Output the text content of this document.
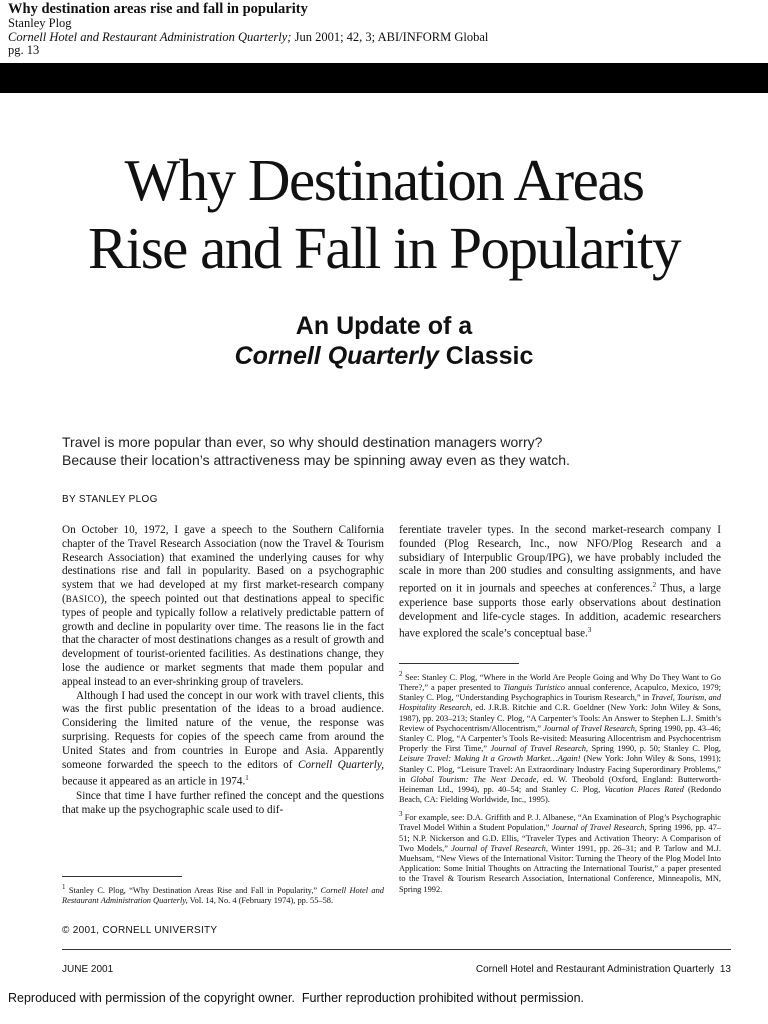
Why destination areas rise and fall in popularity
Stanley Plog
Cornell Hotel and Restaurant Administration Quarterly; Jun 2001; 42, 3; ABI/INFORM Global
pg. 13
Why Destination Areas
Rise and Fall in Popularity
An Update of a
Cornell Quarterly Classic
Travel is more popular than ever, so why should destination managers worry?
Because their location’s attractiveness may be spinning away even as they watch.
BY STANLEY PLOG

On October 10, 1972, I gave a speech to the Southern California chapter of the Travel Research Association (now the Travel & Tourism Research Association) that examined the underlying causes for why destinations rise and fall in popularity. Based on a psychographic system that we had developed at my first market-research company (BASICO), the speech pointed out that destinations appeal to specific types of people and typically follow a relatively predictable pattern of growth and decline in popularity over time. The reasons lie in the fact that the character of most destinations changes as a result of growth and development of tourist-oriented facilities. As destinations change, they lose the audience or market segments that made them popular and appeal instead to an ever-shrinking group of travelers.

Although I had used the concept in our work with travel clients, this was the first public presentation of the ideas to a broad audience. Considering the limited nature of the venue, the response was surprising. Requests for copies of the speech came from around the United States and from countries in Europe and Asia. Apparently someone forwarded the speech to the editors of Cornell Quarterly, because it appeared as an article in 1974.$^1$

Since that time I have further refined the concept and the questions that make up the psychographic scale used to dif-

ferentiate traveler types. In the second market-research company I founded (Plog Research, Inc., now NFO/Plog Research and a subsidiary of Interpublic Group/IPG), we have probably included the scale in more than 200 studies and consulting assignments, and have reported on it in journals and speeches at conferences.$^2$ Thus, a large experience base supports those early observations about destination development and life-cycle stages. In addition, academic researchers have explored the scale’s conceptual base.$^3$

$^1$ Stanley C. Plog, “Why Destination Areas Rise and Fall in Popularity,” Cornell Hotel and Restaurant Administration Quarterly, Vol. 14, No. 4 (February 1974), pp. 55–58.
© 2001, CORNELL UNIVERSITY
$^2$ See: Stanley C. Plog, “Where in the World Are People Going and Why Do They Want to Go There?,” a paper presented to Tianguis Turistico annual conference, Acapulco, Mexico, 1979; Stanley C. Plog, “Understanding Psychographics in Tourism Research,” in Travel, Tourism, and Hospitality Research, ed. J.R.B. Ritchie and C.R. Goeldner (New York: John Wiley & Sons, 1987), pp. 203–213; Stanley C. Plog, “A Carpenter’s Tools: An Answer to Stephen L.J. Smith’s Review of Psychocentrism/Allocentrism,” Journal of Travel Research, Spring 1990, pp. 43–46; Stanley C. Plog, “A Carpenter’s Tools Re-visited: Measuring Allocentrism and Psychocentrism Properly the First Time,” Journal of Travel Research, Spring 1990, p. 50; Stanley C. Plog, Leisure Travel: Making It a Growth Market…Again! (New York: John Wiley & Sons, 1991); Stanley C. Plog, “Leisure Travel: An Extraordinary Industry Facing Superordinary Problems,” in Global Tourism: The Next Decade, ed. W. Theobold (Oxford, England: Butterworth-Heineman Ltd., 1994), pp. 40–54; and Stanley C. Plog, Vacation Places Rated (Redondo Beach, CA: Fielding Worldwide, Inc., 1995).
$^3$ For example, see: D.A. Griffith and P. J. Albanese, “An Examination of Plog’s Psychographic Travel Model Within a Student Population,” Journal of Travel Research, Spring 1996, pp. 47–51; N.P. Nickerson and G.D. Ellis, “Traveler Types and Activation Theory: A Comparison of Two Models,” Journal of Travel Research, Winter 1991, pp. 26–31; and P. Tarlow and M.J. Muehsam, “New Views of the International Visitor: Turning the Theory of the Plog Model Into Application: Some Initial Thoughts on Attracting the International Tourist,” a paper presented to the Travel & Tourism Research Association, International Conference, Minneapolis, MN, Spring 1992.
JUNE 2001	Cornell Hotel and Restaurant Administration Quarterly  13
Reproduced with permission of the copyright owner.  Further reproduction prohibited without permission.
